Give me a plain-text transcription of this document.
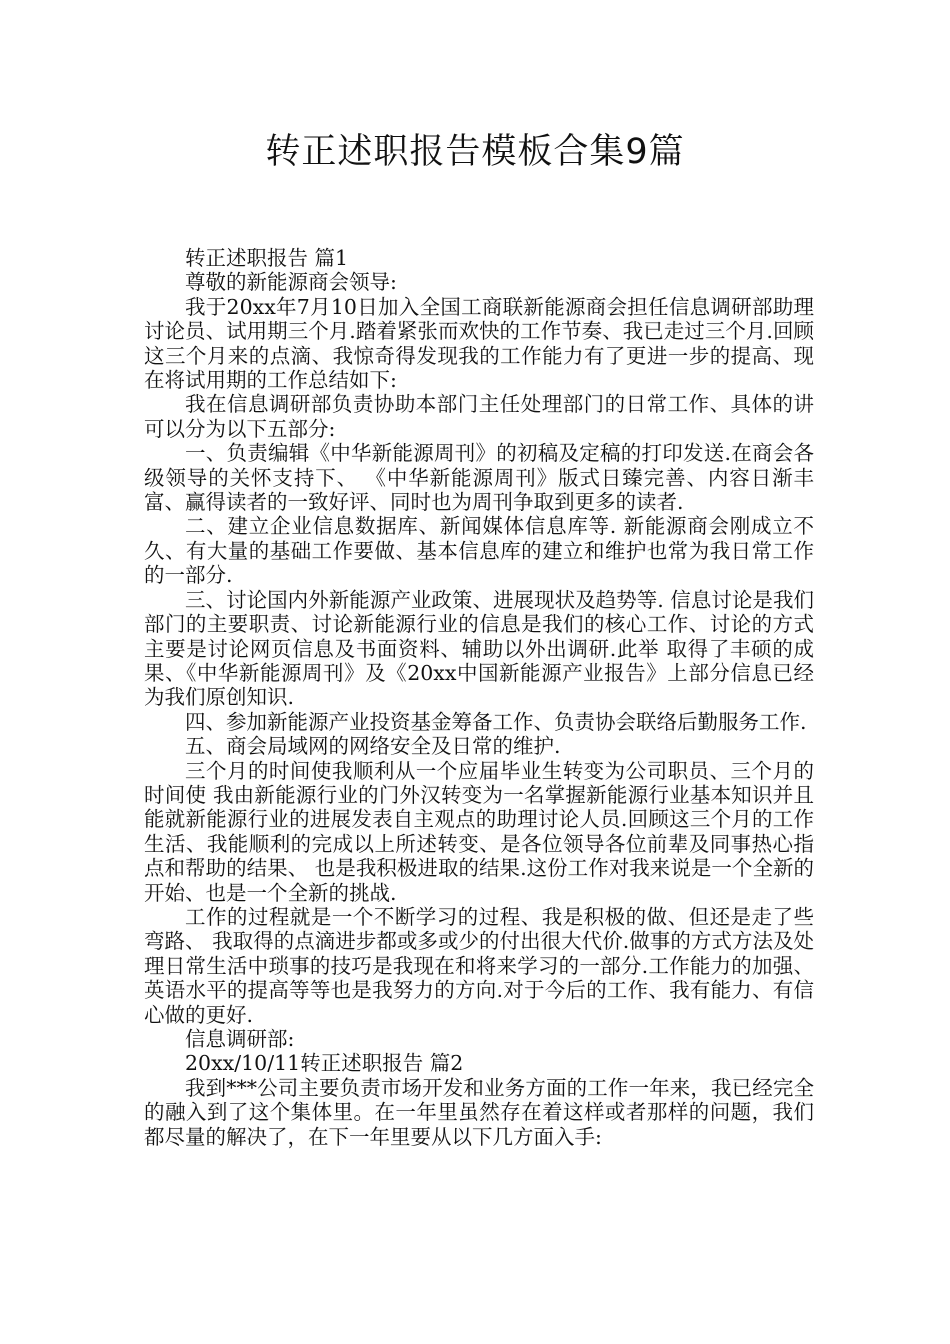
转正述职报告模板合集9篇

转正述职报告 篇1

尊敬的新能源商会领导:

我于20xx年7月10日加入全国工商联新能源商会担任信息调研部助理讨论员、试用期三个月.踏着紧张而欢快的工作节奏、我已走过三个月.回顾这三个月来的点滴、我惊奇得发现我的工作能力有了更进一步的提高、现在将试用期的工作总结如下:

我在信息调研部负责协助本部门主任处理部门的日常工作、具体的讲可以分为以下五部分:

一、负责编辑《中华新能源周刊》的初稿及定稿的打印发送.在商会各级领导的关怀支持下、 《中华新能源周刊》版式日臻完善、内容日渐丰富、赢得读者的一致好评、同时也为周刊争取到更多的读者.

二、建立企业信息数据库、新闻媒体信息库等. 新能源商会刚成立不久、有大量的基础工作要做、基本信息库的建立和维护也常为我日常工作的一部分.

三、讨论国内外新能源产业政策、进展现状及趋势等. 信息讨论是我们部门的主要职责、讨论新能源行业的信息是我们的核心工作、讨论的方式主要是讨论网页信息及书面资料、辅助以外出调研.此举 取得了丰硕的成果、《中华新能源周刊》及《20xx中国新能源产业报告》上部分信息已经为我们原创知识.

四、参加新能源产业投资基金筹备工作、负责协会联络后勤服务工作.

五、商会局域网的网络安全及日常的维护.

三个月的时间使我顺利从一个应届毕业生转变为公司职员、三个月的时间使 我由新能源行业的门外汉转变为一名掌握新能源行业基本知识并且能就新能源行业的进展发表自主观点的助理讨论人员.回顾这三个月的工作生活、我能顺利的完成以上所述转变、是各位领导各位前辈及同事热心指点和帮助的结果、 也是我积极进取的结果.这份工作对我来说是一个全新的开始、也是一个全新的挑战.

工作的过程就是一个不断学习的过程、我是积极的做、但还是走了些弯路、 我取得的点滴进步都或多或少的付出很大代价.做事的方式方法及处理日常生活中琐事的技巧是我现在和将来学习的一部分.工作能力的加强、英语水平的提高等等也是我努力的方向.对于今后的工作、我有能力、有信心做的更好.

信息调研部:

20xx/10/11转正述职报告 篇2

我到***公司主要负责市场开发和业务方面的工作一年来，我已经完全的融入到了这个集体里。在一年里虽然存在着这样或者那样的问题，我们都尽量的解决了，在下一年里要从以下几方面入手:
